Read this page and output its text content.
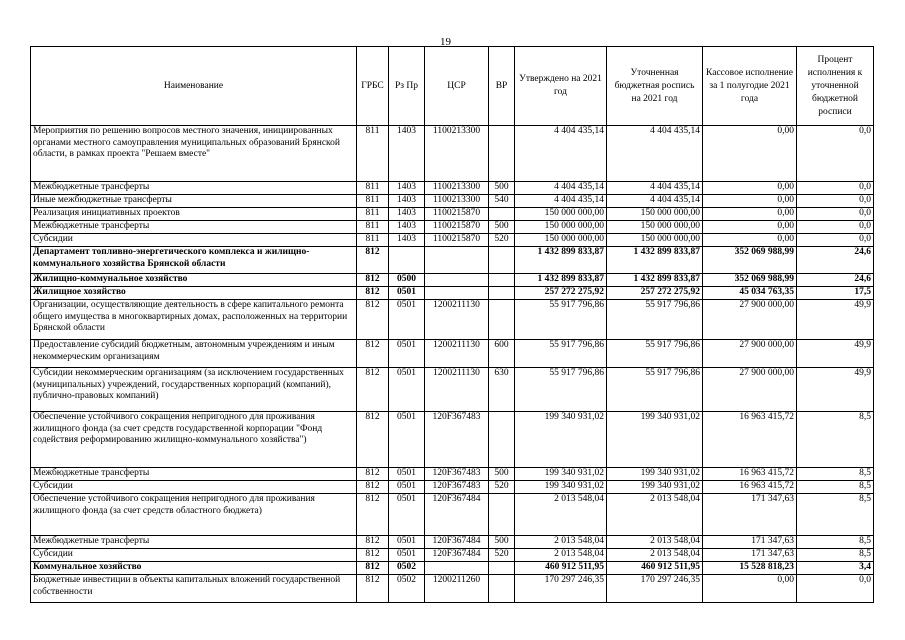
19
Наименование	ГРБС	Рз Пр	ЦСР	ВР	Утверждено на 2021 год	Уточненная бюджетная роспись на 2021 год	Кассовое исполнение за 1 полугодие 2021 года	Процент исполнения к уточненной бюджетной росписи
Мероприятия по решению вопросов местного значения, инициированных органами местного самоуправления муниципальных образований Брянской области, в рамках проекта "Решаем вместе"	811	1403	1100213300		4 404 435,14	4 404 435,14	0,00	0,0
Межбюджетные трансферты	811	1403	1100213300	500	4 404 435,14	4 404 435,14	0,00	0,0
Иные межбюджетные трансферты	811	1403	1100213300	540	4 404 435,14	4 404 435,14	0,00	0,0
Реализация инициативных проектов	811	1403	1100215870		150 000 000,00	150 000 000,00	0,00	0,0
Межбюджетные трансферты	811	1403	1100215870	500	150 000 000,00	150 000 000,00	0,00	0,0
Субсидии	811	1403	1100215870	520	150 000 000,00	150 000 000,00	0,00	0,0
Департамент топливно-энергетического комплекса и жилищно-коммунального хозяйства Брянской области	812				1 432 899 833,87	1 432 899 833,87	352 069 988,99	24,6
Жилищно-коммунальное хозяйство	812	0500			1 432 899 833,87	1 432 899 833,87	352 069 988,99	24,6
Жилищное хозяйство	812	0501			257 272 275,92	257 272 275,92	45 034 763,35	17,5
Организации, осуществляющие деятельность в сфере капитального ремонта общего имущества в многоквартирных домах, расположенных на территории Брянской области	812	0501	1200211130		55 917 796,86	55 917 796,86	27 900 000,00	49,9
Предоставление субсидий бюджетным, автономным учреждениям и иным некоммерческим организациям	812	0501	1200211130	600	55 917 796,86	55 917 796,86	27 900 000,00	49,9
Субсидии некоммерческим организациям (за исключением государственных (муниципальных) учреждений, государственных корпораций (компаний), публично-правовых компаний)	812	0501	1200211130	630	55 917 796,86	55 917 796,86	27 900 000,00	49,9
Обеспечение устойчивого сокращения непригодного для проживания жилищного фонда (за счет средств государственной корпорации "Фонд содействия реформированию жилищно-коммунального хозяйства")	812	0501	120F367483		199 340 931,02	199 340 931,02	16 963 415,72	8,5
Межбюджетные трансферты	812	0501	120F367483	500	199 340 931,02	199 340 931,02	16 963 415,72	8,5
Субсидии	812	0501	120F367483	520	199 340 931,02	199 340 931,02	16 963 415,72	8,5
Обеспечение устойчивого сокращения непригодного для проживания жилищного фонда (за счет средств областного бюджета)	812	0501	120F367484		2 013 548,04	2 013 548,04	171 347,63	8,5
Межбюджетные трансферты	812	0501	120F367484	500	2 013 548,04	2 013 548,04	171 347,63	8,5
Субсидии	812	0501	120F367484	520	2 013 548,04	2 013 548,04	171 347,63	8,5
Коммунальное хозяйство	812	0502			460 912 511,95	460 912 511,95	15 528 818,23	3,4
Бюджетные инвестиции в объекты капитальных вложений государственной собственности	812	0502	1200211260		170 297 246,35	170 297 246,35	0,00	0,0
